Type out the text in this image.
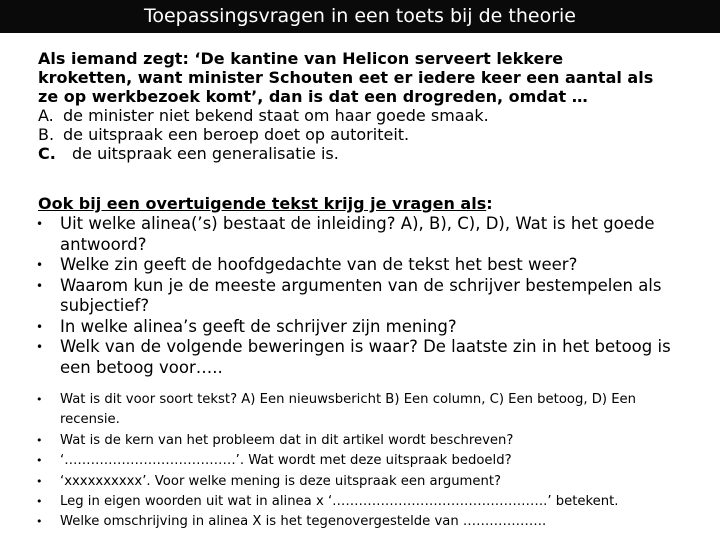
Toepassingsvragen in een toets bij de theorie
Als iemand zegt: ‘De kantine van Helicon serveert lekkere
kroketten, want minister Schouten eet er iedere keer een aantal als
ze op werkbezoek komt’, dan is dat een drogreden, omdat …
A. de minister niet bekend staat om haar goede smaak.
B. de uitspraak een beroep doet op autoriteit.
C. de uitspraak een generalisatie is.
Ook bij een overtuigende tekst krijg je vragen als:
• Uit welke alinea(’s) bestaat de inleiding? A), B), C), D), Wat is het goede
antwoord?
• Welke zin geeft de hoofdgedachte van de tekst het best weer?
• Waarom kun je de meeste argumenten van de schrijver bestempelen als
subjectief?
• In welke alinea’s geeft de schrijver zijn mening?
• Welk van de volgende beweringen is waar? De laatste zin in het betoog is
een betoog voor…..
•	Wat is dit voor soort tekst? A) Een nieuwsbericht B) Een column, C) Een betoog, D) Een
recensie.
•	Wat is de kern van het probleem dat in dit artikel wordt beschreven?
•	‘…………………………………’. Wat wordt met deze uitspraak bedoeld?
•	‘xxxxxxxxxx’. Voor welke mening is deze uitspraak een argument?
•	Leg in eigen woorden uit wat in alinea x ‘………………………………………….’ betekent.
•	Welke omschrijving in alinea X is het tegenovergestelde van ……………….
